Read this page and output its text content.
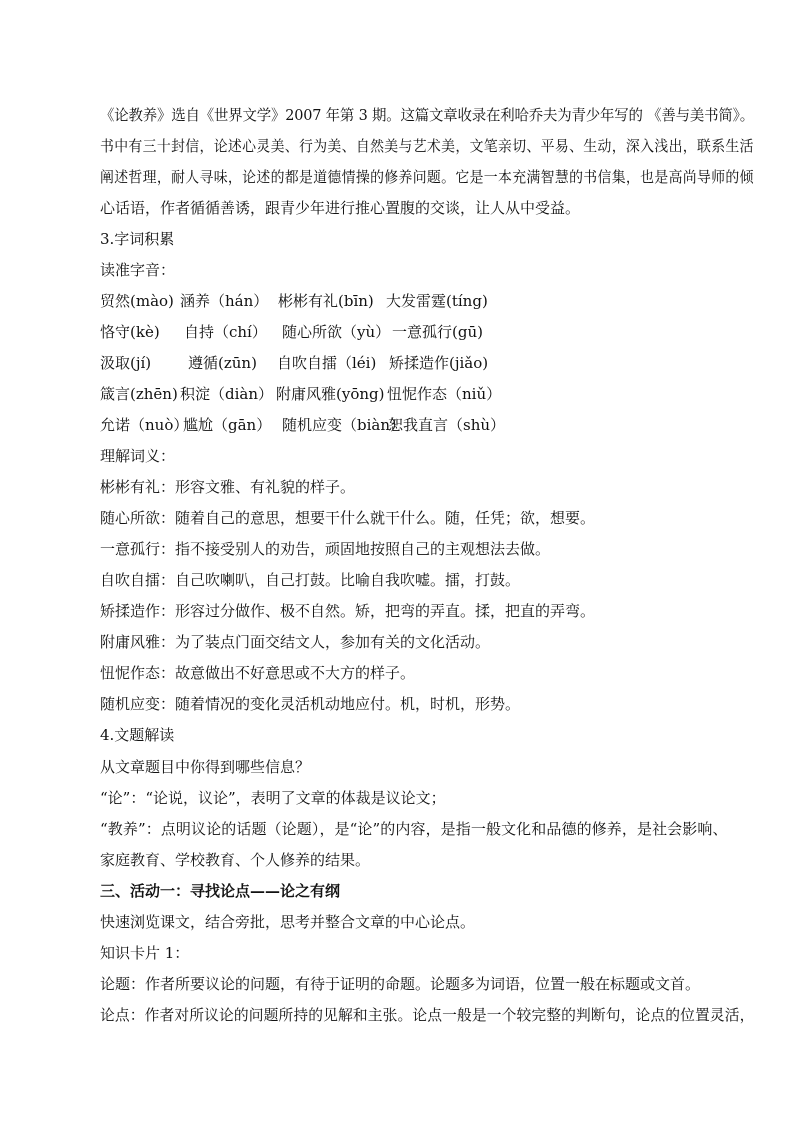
《论教养》选自《世界文学》2007 年第 3 期。这篇文章收录在利哈乔夫为青少年写的 《善与美书简》。
书中有三十封信，论述心灵美、行为美、自然美与艺术美，文笔亲切、平易、生动，深入浅出，联系生活
阐述哲理，耐人寻味，论述的都是道德情操的修养问题。它是一本充满智慧的书信集，也是高尚导师的倾
心话语，作者循循善诱，跟青少年进行推心置腹的交谈，让人从中受益。
3.字词积累
读准字音：
贸然(mào) 涵养（hán） 彬彬有礼(bīn) 大发雷霆(tíng)
恪守(kè) 自持（chí） 随心所欲（yù） 一意孤行(gū)
汲取(jí) 遵循(zūn) 自吹自擂（léi) 矫揉造作(jiǎo)
箴言(zhēn) 积淀（diàn） 附庸风雅(yōng) 忸怩作态（niǔ）
允诺（nuò）
尴尬（gān） 随机应变（biàn）
恕我直言（shù）
理解词义：
彬彬有礼：形容文雅、有礼貌的样子。
随心所欲：随着自己的意思，想要干什么就干什么。随，任凭；欲，想要。
一意孤行：指不接受别人的劝告，顽固地按照自己的主观想法去做。
自吹自擂：自己吹喇叭，自己打鼓。比喻自我吹嘘。擂，打鼓。
矫揉造作：形容过分做作、极不自然。矫，把弯的弄直。揉，把直的弄弯。
附庸风雅：为了装点门面交结文人，参加有关的文化活动。
忸怩作态：故意做出不好意思或不大方的样子。
随机应变：随着情况的变化灵活机动地应付。机，时机，形势。
4.文题解读
从文章题目中你得到哪些信息？
“论”：“论说，议论”，表明了文章的体裁是议论文；
“教养”：点明议论的话题（论题），是“论”的内容，是指一般文化和品德的修养，是社会影响、
家庭教育、学校教育、个人修养的结果。
三、活动一：寻找论点——论之有纲
快速浏览课文，结合旁批，思考并整合文章的中心论点。
知识卡片 1：
论题：作者所要议论的问题，有待于证明的命题。论题多为词语，位置一般在标题或文首。
论点：作者对所议论的问题所持的见解和主张。论点一般是一个较完整的判断句，论点的位置灵活，
